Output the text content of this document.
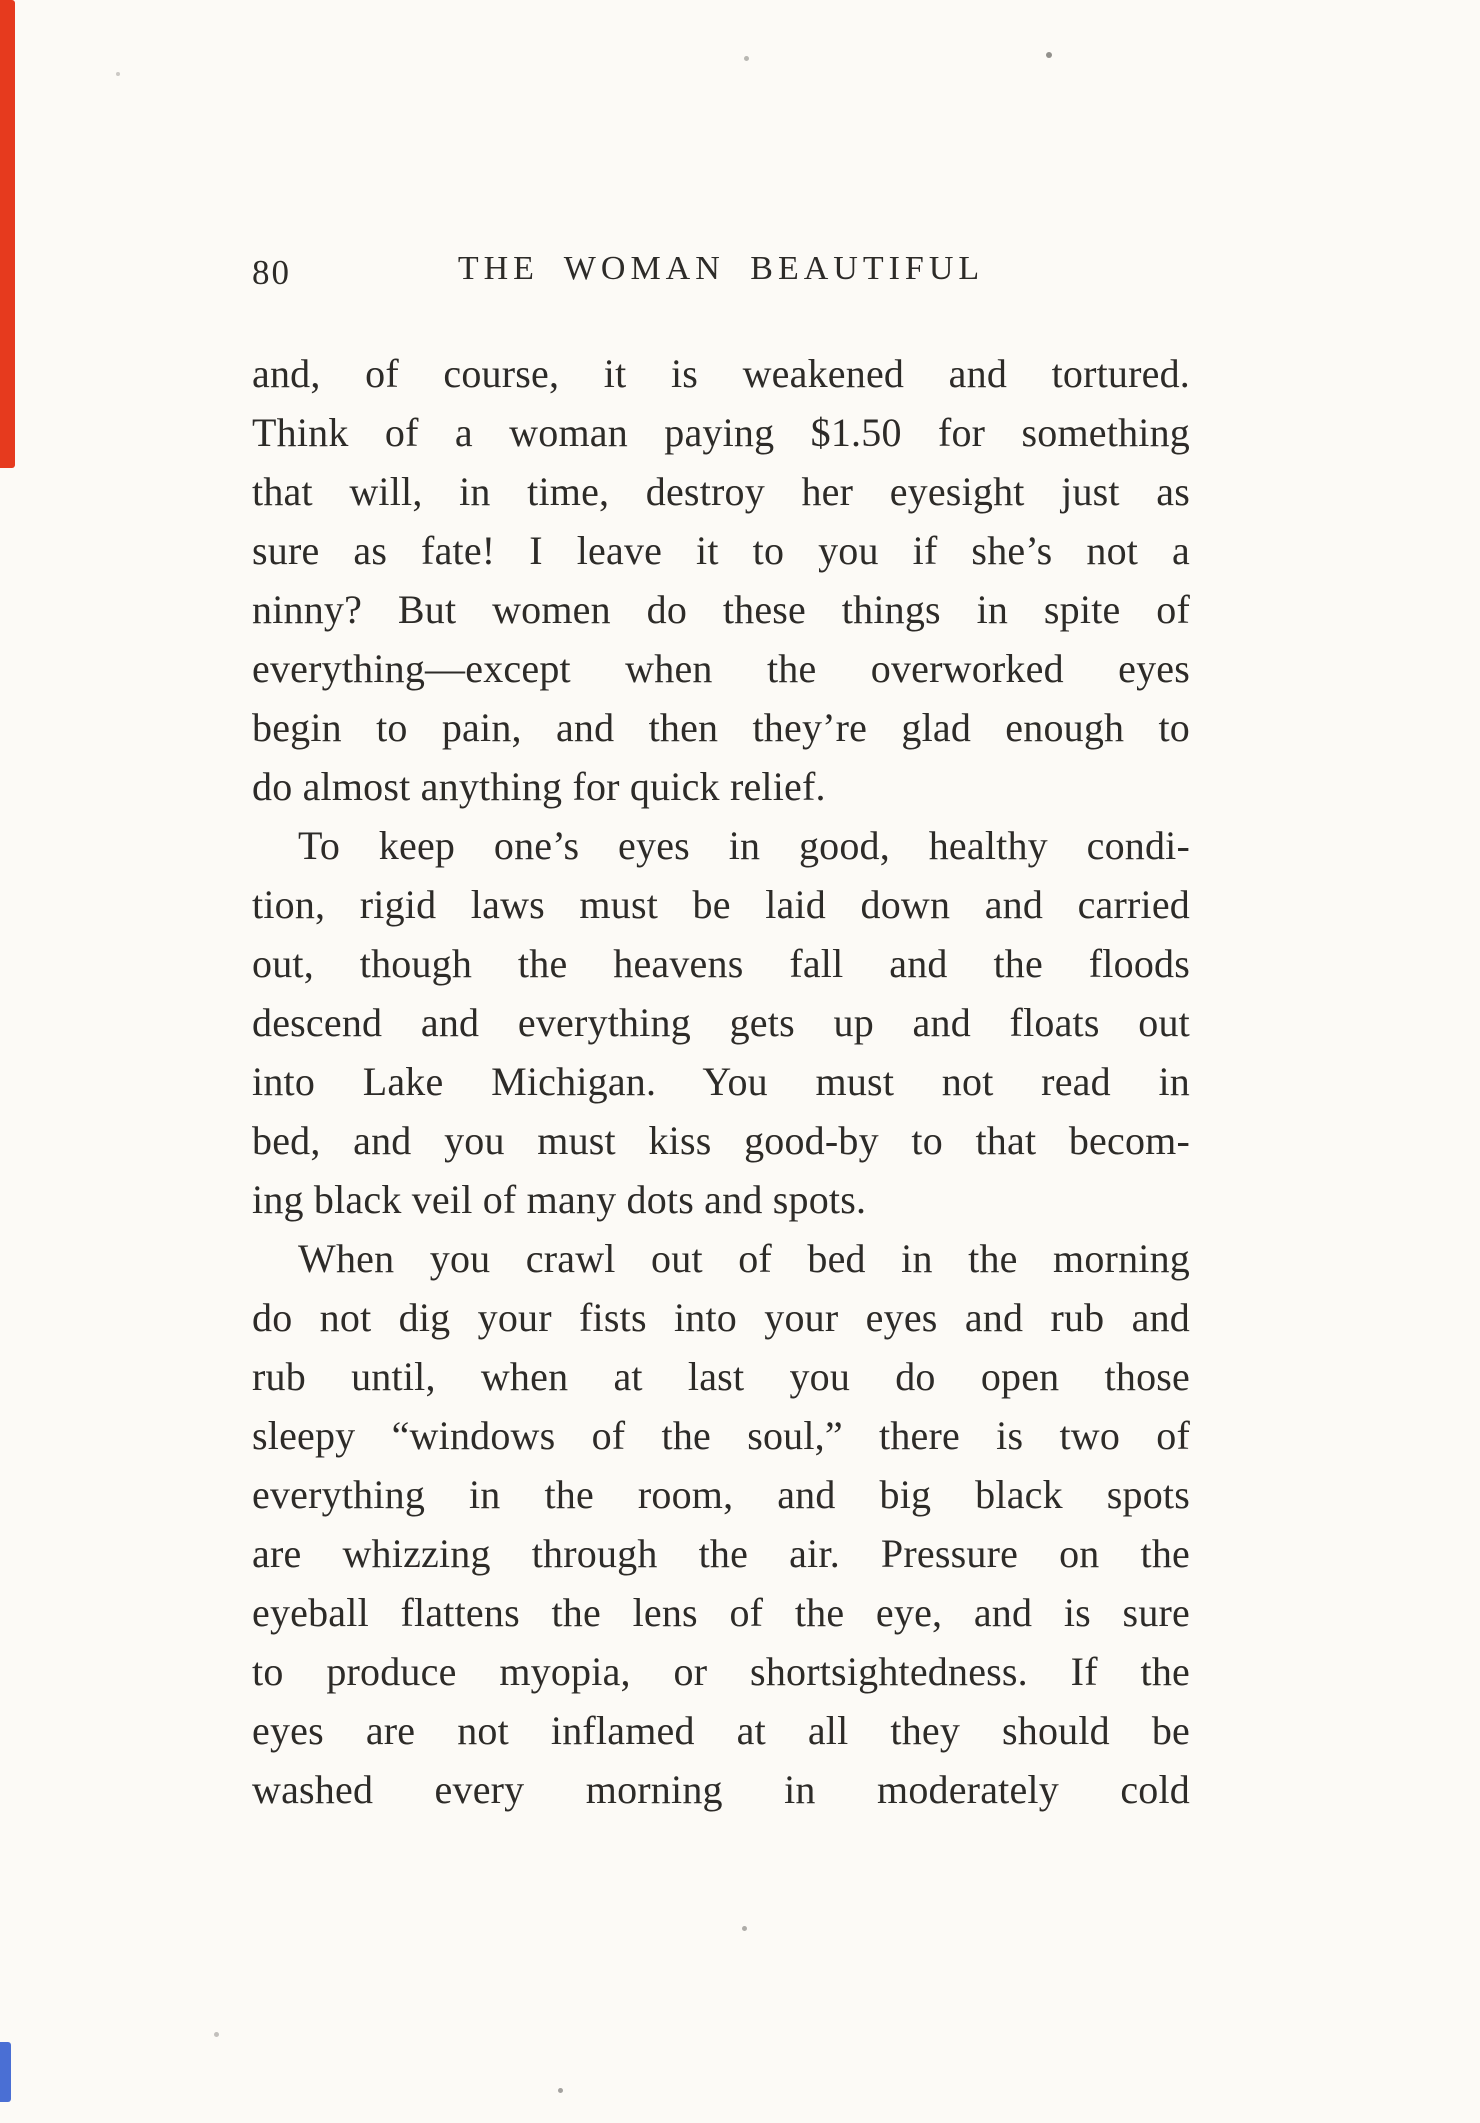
80	THE WOMAN BEAUTIFUL
and, of course, it is weakened and tortured.
Think of a woman paying $1.50 for something
that will, in time, destroy her eyesight just as
sure as fate! I leave it to you if she’s not a
ninny? But women do these things in spite of
everything—except when the overworked eyes
begin to pain, and then they’re glad enough to
do almost anything for quick relief.
To keep one’s eyes in good, healthy condi-
tion, rigid laws must be laid down and carried
out, though the heavens fall and the floods
descend and everything gets up and floats out
into Lake Michigan. You must not read in
bed, and you must kiss good-by to that becom-
ing black veil of many dots and spots.
When you crawl out of bed in the morning
do not dig your fists into your eyes and rub and
rub until, when at last you do open those
sleepy “windows of the soul,” there is two of
everything in the room, and big black spots
are whizzing through the air. Pressure on the
eyeball flattens the lens of the eye, and is sure
to produce myopia, or shortsightedness. If the
eyes are not inflamed at all they should be
washed every morning in moderately cold
